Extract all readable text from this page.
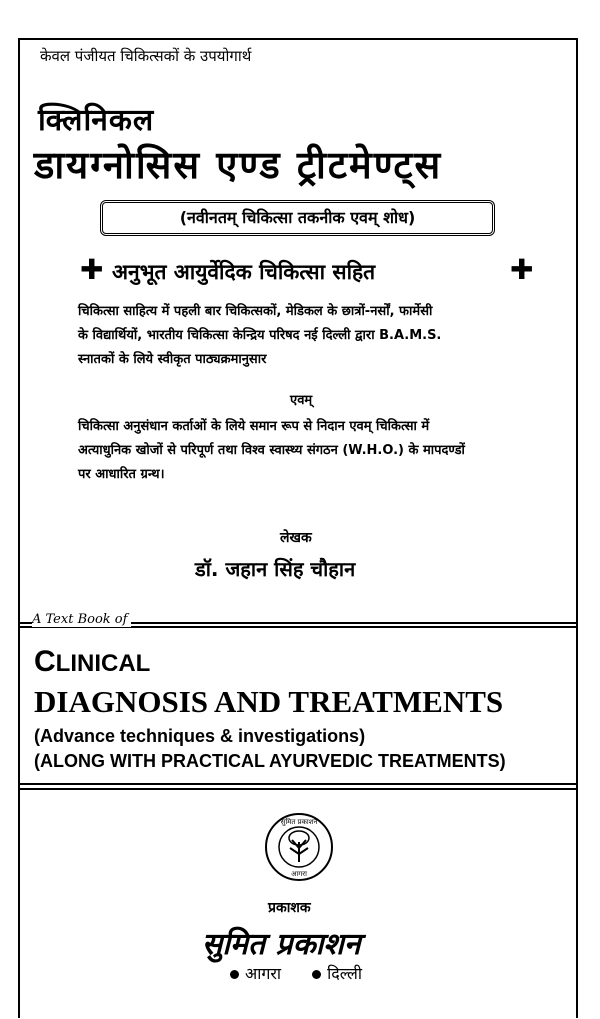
केवल पंजीयत चिकित्सकों के उपयोगार्थ
क्लिनिकल
डायग्नोसिस एण्ड ट्रीटमेण्ट्स
(नवीनतम् चिकित्सा तकनीक एवम् शोध)
✚ अनुभूत आयुर्वेदिक चिकित्सा सहित	✚
चिकित्सा साहित्य में पहली बार चिकित्सकों, मेडिकल के छात्रों-नर्सों, फार्मेसी
के विद्यार्थियों, भारतीय चिकित्सा केन्द्रिय परिषद नई दिल्ली द्वारा B.A.M.S.
स्नातकों के लिये स्वीकृत पाठ्यक्रमानुसार
एवम्
चिकित्सा अनुसंधान कर्ताओं के लिये समान रूप से निदान एवम् चिकित्सा में
अत्याधुनिक खोजों से परिपूर्ण तथा विश्व स्वास्थ्य संगठन (W.H.O.) के मापदण्डों
पर आधारित ग्रन्थ।
लेखक
डॉ. जहान सिंह चौहान
A Text Book of
CLINICAL
DIAGNOSIS AND TREATMENTS
(Advance techniques & investigations)
(ALONG WITH PRACTICAL AYURVEDIC TREATMENTS)
सुमित प्रकाशन
आगरा
प्रकाशक
सुमित प्रकाशन
आगरा	दिल्ली
